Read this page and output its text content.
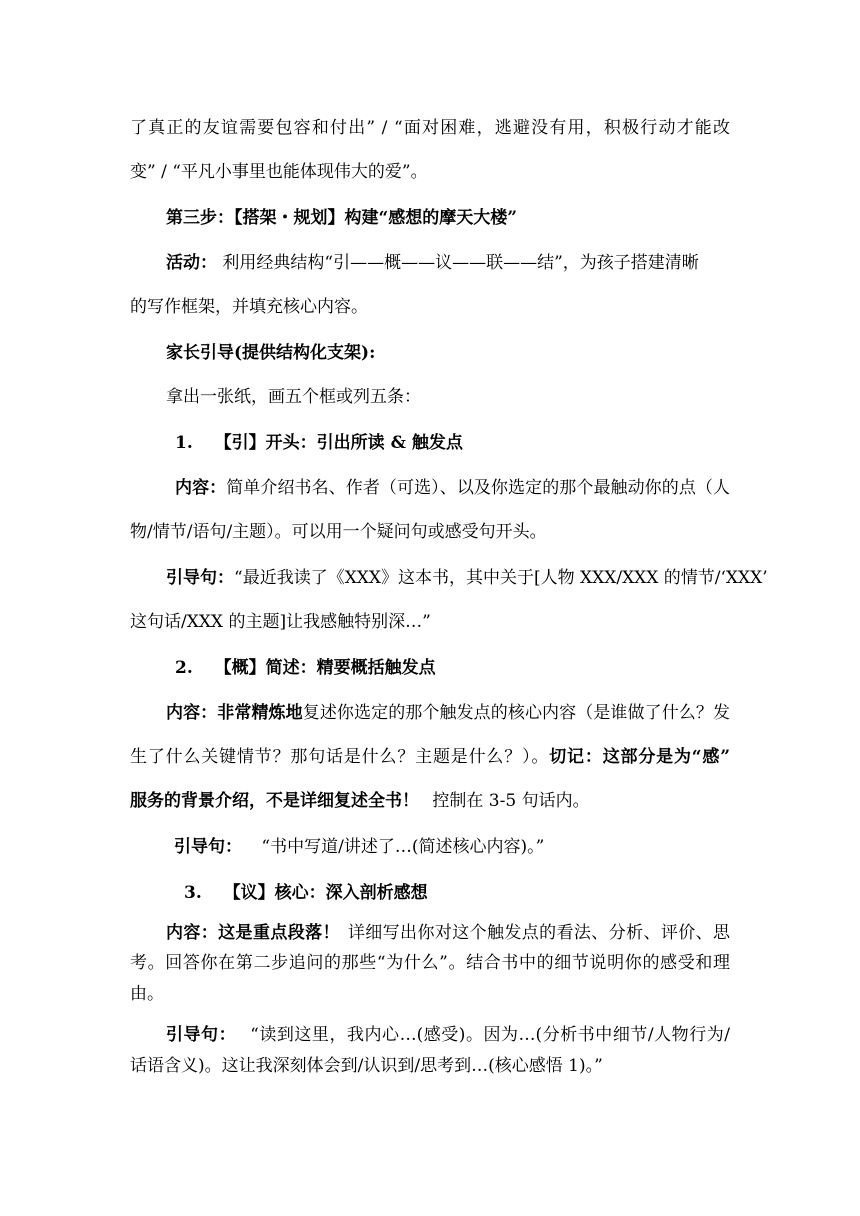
了真正的友谊需要包容和付出” / “面对困难，逃避没有用，积极行动才能改
变” / “平凡小事里也能体现伟大的爱”。
第三步：【搭架・规划】构建“感想的摩天大楼”
活动： 利用经典结构“引——概——议——联——结”，为孩子搭建清晰
的写作框架，并填充核心内容。
家长引导(提供结构化支架):
拿出一张纸，画五个框或列五条：
1. 【引】开头：引出所读 & 触发点
内容：简单介绍书名、作者（可选）、以及你选定的那个最触动你的点（人
物/情节/语句/主题）。可以用一个疑问句或感受句开头。
引导句：“最近我读了《XXX》这本书，其中关于[人物 XXX/XXX 的情节/‘XXX’
这句话/XXX 的主题]让我感触特别深…”
2. 【概】简述：精要概括触发点
内容：非常精炼地复述你选定的那个触发点的核心内容（是谁做了什么？发
生了什么关键情节？那句话是什么？主题是什么？）。切记：这部分是为“感”
服务的背景介绍，不是详细复述全书！ 控制在 3-5 句话内。
引导句： “书中写道/讲述了…(简述核心内容)。”
3. 【议】核心：深入剖析感想
内容：这是重点段落！ 详细写出你对这个触发点的看法、分析、评价、思
考。回答你在第二步追问的那些“为什么”。结合书中的细节说明你的感受和理
由。
引导句： “读到这里，我内心…(感受)。因为…(分析书中细节/人物行为/
话语含义)。这让我深刻体会到/认识到/思考到…(核心感悟 1)。”
